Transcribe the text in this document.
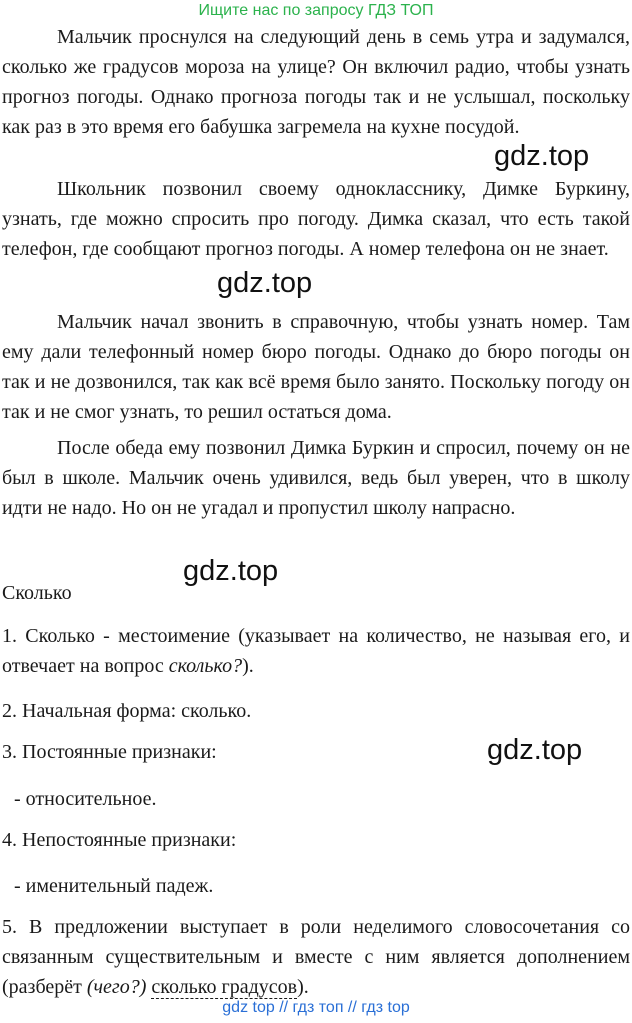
Ищите нас по запросу ГДЗ ТОП
Мальчик проснулся на следующий день в семь утра и задумался, сколько же градусов мороза на улице? Он включил радио, чтобы узнать прогноз погоды. Однако прогноза погоды так и не услышал, поскольку как раз в это время его бабушка загремела на кухне посудой.
Школьник позвонил своему однокласснику, Димке Буркину, узнать, где можно спросить про погоду. Димка сказал, что есть такой телефон, где сообщают прогноз погоды. А номер телефона он не знает.
Мальчик начал звонить в справочную, чтобы узнать номер. Там ему дали телефонный номер бюро погоды. Однако до бюро погоды он так и не дозвонился, так как всё время было занято. Поскольку погоду он так и не смог узнать, то решил остаться дома.
После обеда ему позвонил Димка Буркин и спросил, почему он не был в школе. Мальчик очень удивился, ведь был уверен, что в школу идти не надо. Но он не угадал и пропустил школу напрасно.
gdz.top
gdz.top
gdz.top
gdz.top
Сколько
1. Сколько - местоимение (указывает на количество, не называя его, и отвечает на вопрос сколько?).
2. Начальная форма: сколько.
3. Постоянные признаки:
- относительное.
4. Непостоянные признаки:
- именительный падеж.
5. В предложении выступает в роли неделимого словосочетания со связанным существительным и вместе с ним является дополнением (разберёт (чего?) сколько градусов).
gdz top // гдз топ // гдз top
